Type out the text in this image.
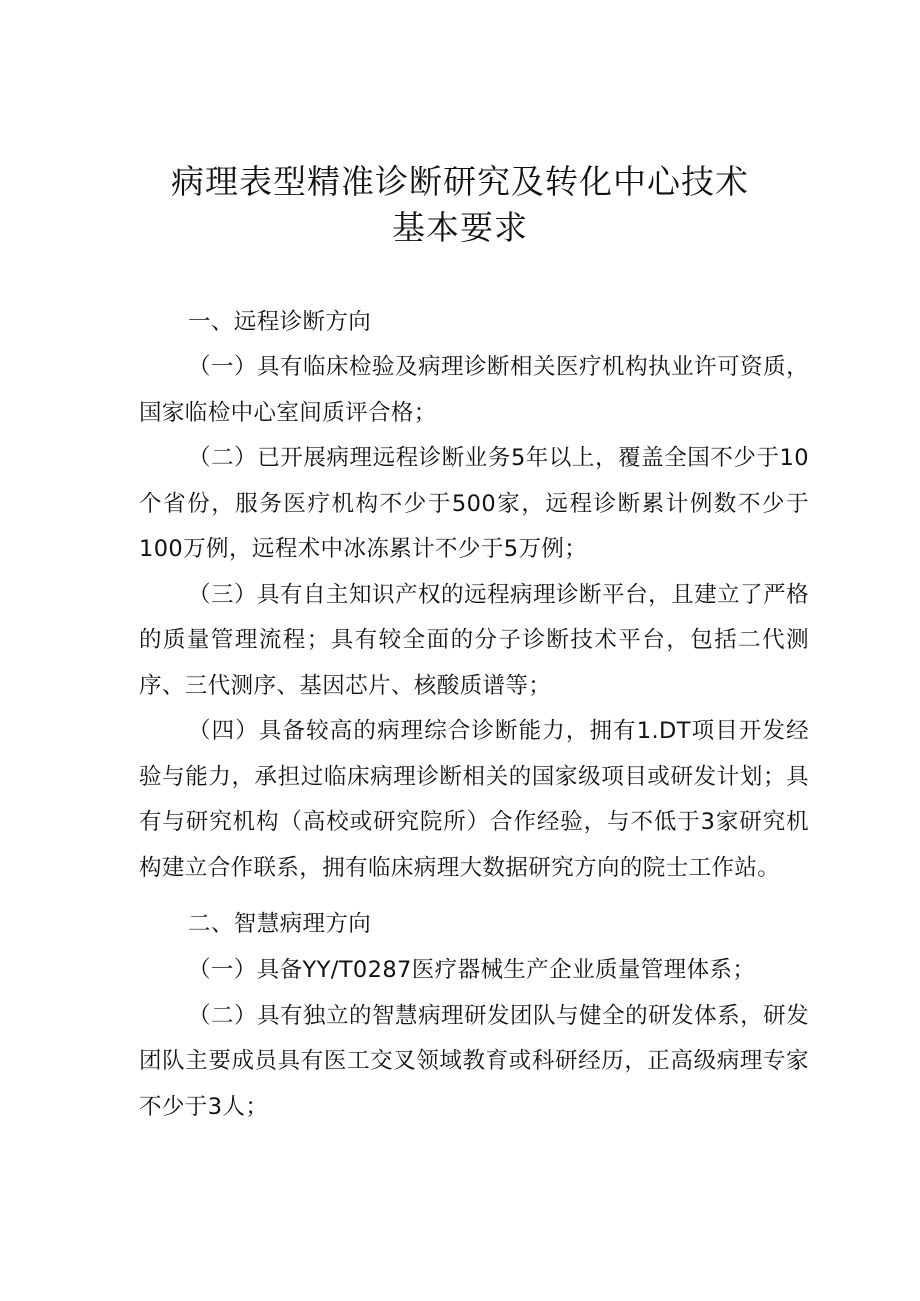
病理表型精准诊断研究及转化中心技术
基本要求
一、远程诊断方向

（一）具有临床检验及病理诊断相关医疗机构执业许可资质，国家临检中心室间质评合格；

（二）已开展病理远程诊断业务5年以上，覆盖全国不少于10个省份，服务医疗机构不少于500家，远程诊断累计例数不少于100万例，远程术中冰冻累计不少于5万例；

（三）具有自主知识产权的远程病理诊断平台，且建立了严格的质量管理流程；具有较全面的分子诊断技术平台，包括二代测序、三代测序、基因芯片、核酸质谱等；

（四）具备较高的病理综合诊断能力，拥有1.DT项目开发经验与能力，承担过临床病理诊断相关的国家级项目或研发计划；具有与研究机构（高校或研究院所）合作经验，与不低于3家研究机构建立合作联系，拥有临床病理大数据研究方向的院士工作站。

二、智慧病理方向

（一）具备YY/T0287医疗器械生产企业质量管理体系；

（二）具有独立的智慧病理研发团队与健全的研发体系，研发团队主要成员具有医工交叉领域教育或科研经历，正高级病理专家不少于3人；
